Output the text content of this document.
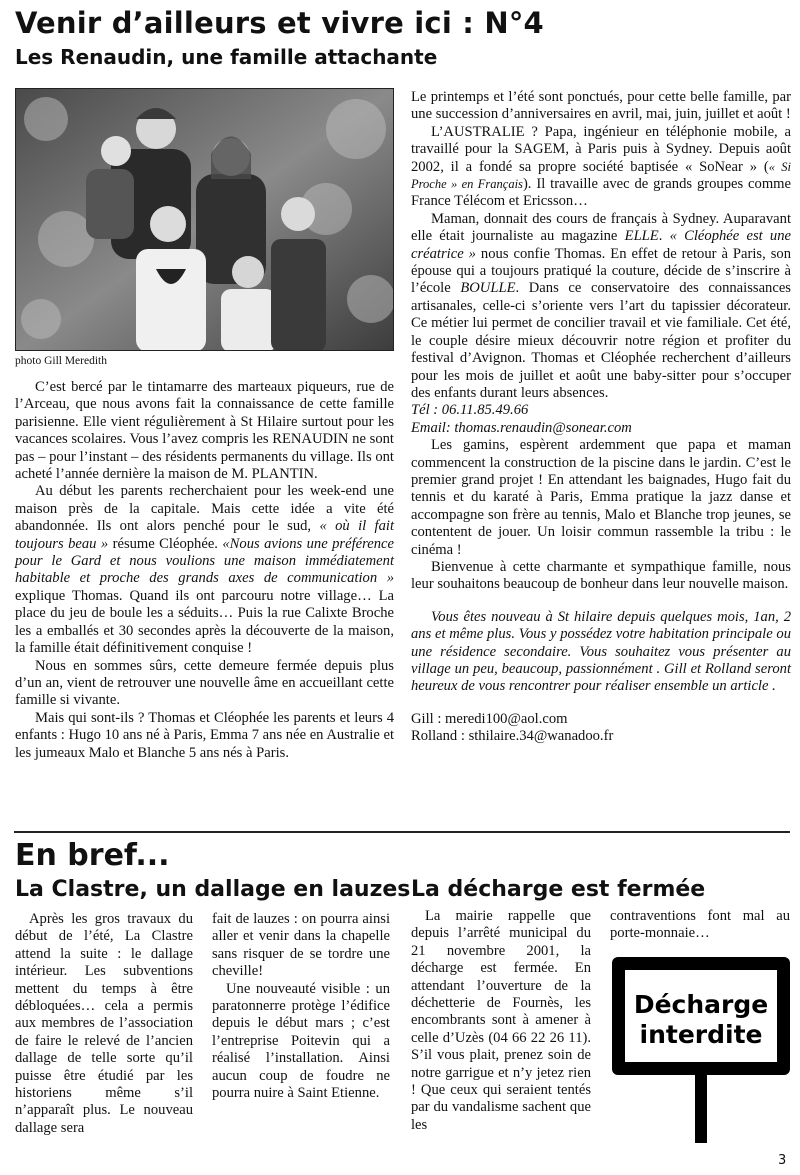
Venir d’ailleurs et vivre ici : N°4
Les Renaudin, une famille attachante
photo Gill Meredith

C’est bercé par le tintamarre des marteaux piqueurs, rue de l’Arceau, que nous avons fait la connaissance de cette famille parisienne. Elle vient régulièrement à St Hilaire surtout pour les vacances scolaires. Vous l’avez compris les RENAUDIN ne sont pas – pour l’instant – des résidents permanents du village. Ils ont acheté l’année dernière la maison de M. PLANTIN.

Au début les parents recherchaient pour les week-end une maison près de la capitale. Mais cette idée a vite été abandonnée. Ils ont alors penché pour le sud, « où il fait toujours beau » résume Cléophée. «Nous avions une préférence pour le Gard et nous voulions une maison immédiatement habitable et proche des grands axes de communication » explique Thomas. Quand ils ont parcouru notre village… La place du jeu de boule les a séduits… Puis la rue Calixte Broche les a emballés et 30 secondes après la découverte de la maison, la famille était définitivement conquise !

Nous en sommes sûrs, cette demeure fermée depuis plus d’un an, vient de retrouver une nouvelle âme en accueillant cette famille si vivante.

Mais qui sont-ils ? Thomas et Cléophée les parents et leurs 4 enfants : Hugo 10 ans né à Paris, Emma 7 ans née en Australie et les jumeaux Malo et Blanche 5 ans nés à Paris.

Le printemps et l’été sont ponctués, pour cette belle famille, par une succession d’anniversaires en avril, mai, juin, juillet et août !

L’AUSTRALIE ? Papa, ingénieur en téléphonie mobile, a travaillé pour la SAGEM, à Paris puis à Sydney. Depuis août 2002, il a fondé sa propre société baptisée « SoNear » (« Si Proche » en Français). Il travaille avec de grands groupes comme France Télécom et Ericsson…

Maman, donnait des cours de français à Sydney. Auparavant elle était journaliste au magazine ELLE. « Cléophée est une créatrice » nous confie Thomas. En effet de retour à Paris, son épouse qui a toujours pratiqué la couture, décide de s’inscrire à l’école BOULLE. Dans ce conservatoire des connaissances artisanales, celle-ci s’oriente vers l’art du tapissier décorateur. Ce métier lui permet de concilier travail et vie familiale. Cet été, le couple désire mieux découvrir notre région et profiter du festival d’Avignon. Thomas et Cléophée recherchent d’ailleurs pour les mois de juillet et août une baby-sitter pour s’occuper des enfants durant leurs absences.

Tél : 06.11.85.49.66

Email: thomas.renaudin@sonear.com

Les gamins, espèrent ardemment que papa et maman commencent la construction de la piscine dans le jardin. C’est le premier grand projet ! En attendant les baignades, Hugo fait du tennis et du karaté à Paris, Emma pratique la jazz danse et accompagne son frère au tennis, Malo et Blanche trop jeunes, se contentent de jouer. Un loisir commun rassemble la tribu : le cinéma !

Bienvenue à cette charmante et sympathique famille, nous leur souhaitons beaucoup de bonheur dans leur nouvelle maison.

Vous êtes nouveau à St hilaire depuis quelques mois, 1an, 2 ans et même plus. Vous y possédez votre habitation principale ou une résidence secondaire. Vous souhaitez vous présenter au village un peu, beaucoup, passionnément . Gill et Rolland seront heureux de vous rencontrer pour réaliser ensemble un article .

Gill : meredi100@aol.com

Rolland : sthilaire.34@wanadoo.fr

En bref...
La Clastre, un dallage en lauzes La décharge est fermée

Après les gros travaux du début de l’été, La Clastre attend la suite : le dallage intérieur. Les subventions mettent du temps à être débloquées… cela a permis aux membres de l’association de faire le relevé de l’ancien dallage de telle sorte qu’il puisse être étudié par les historiens même s’il n’apparaît plus. Le nouveau dallage sera

fait de lauzes : on pourra ainsi aller et venir dans la chapelle sans risquer de se tordre une cheville!

Une nouveauté visible : un paratonnerre protège l’édifice depuis le début mars ; c’est l’entreprise Poitevin qui a réalisé l’installation. Ainsi aucun coup de foudre ne pourra nuire à Saint Etienne.

La mairie rappelle que depuis l’arrêté municipal du 21 novembre 2001, la décharge est fermée. En attendant l’ouverture de la déchetterie de Fournès, les encombrants sont à amener à celle d’Uzès (04 66 22 26 11). S’il vous plait, prenez soin de notre garrigue et n’y jetez rien ! Que ceux qui seraient tentés par du vandalisme sachent que les

contraventions font mal au porte-monnaie…

Décharge
interdite
3
